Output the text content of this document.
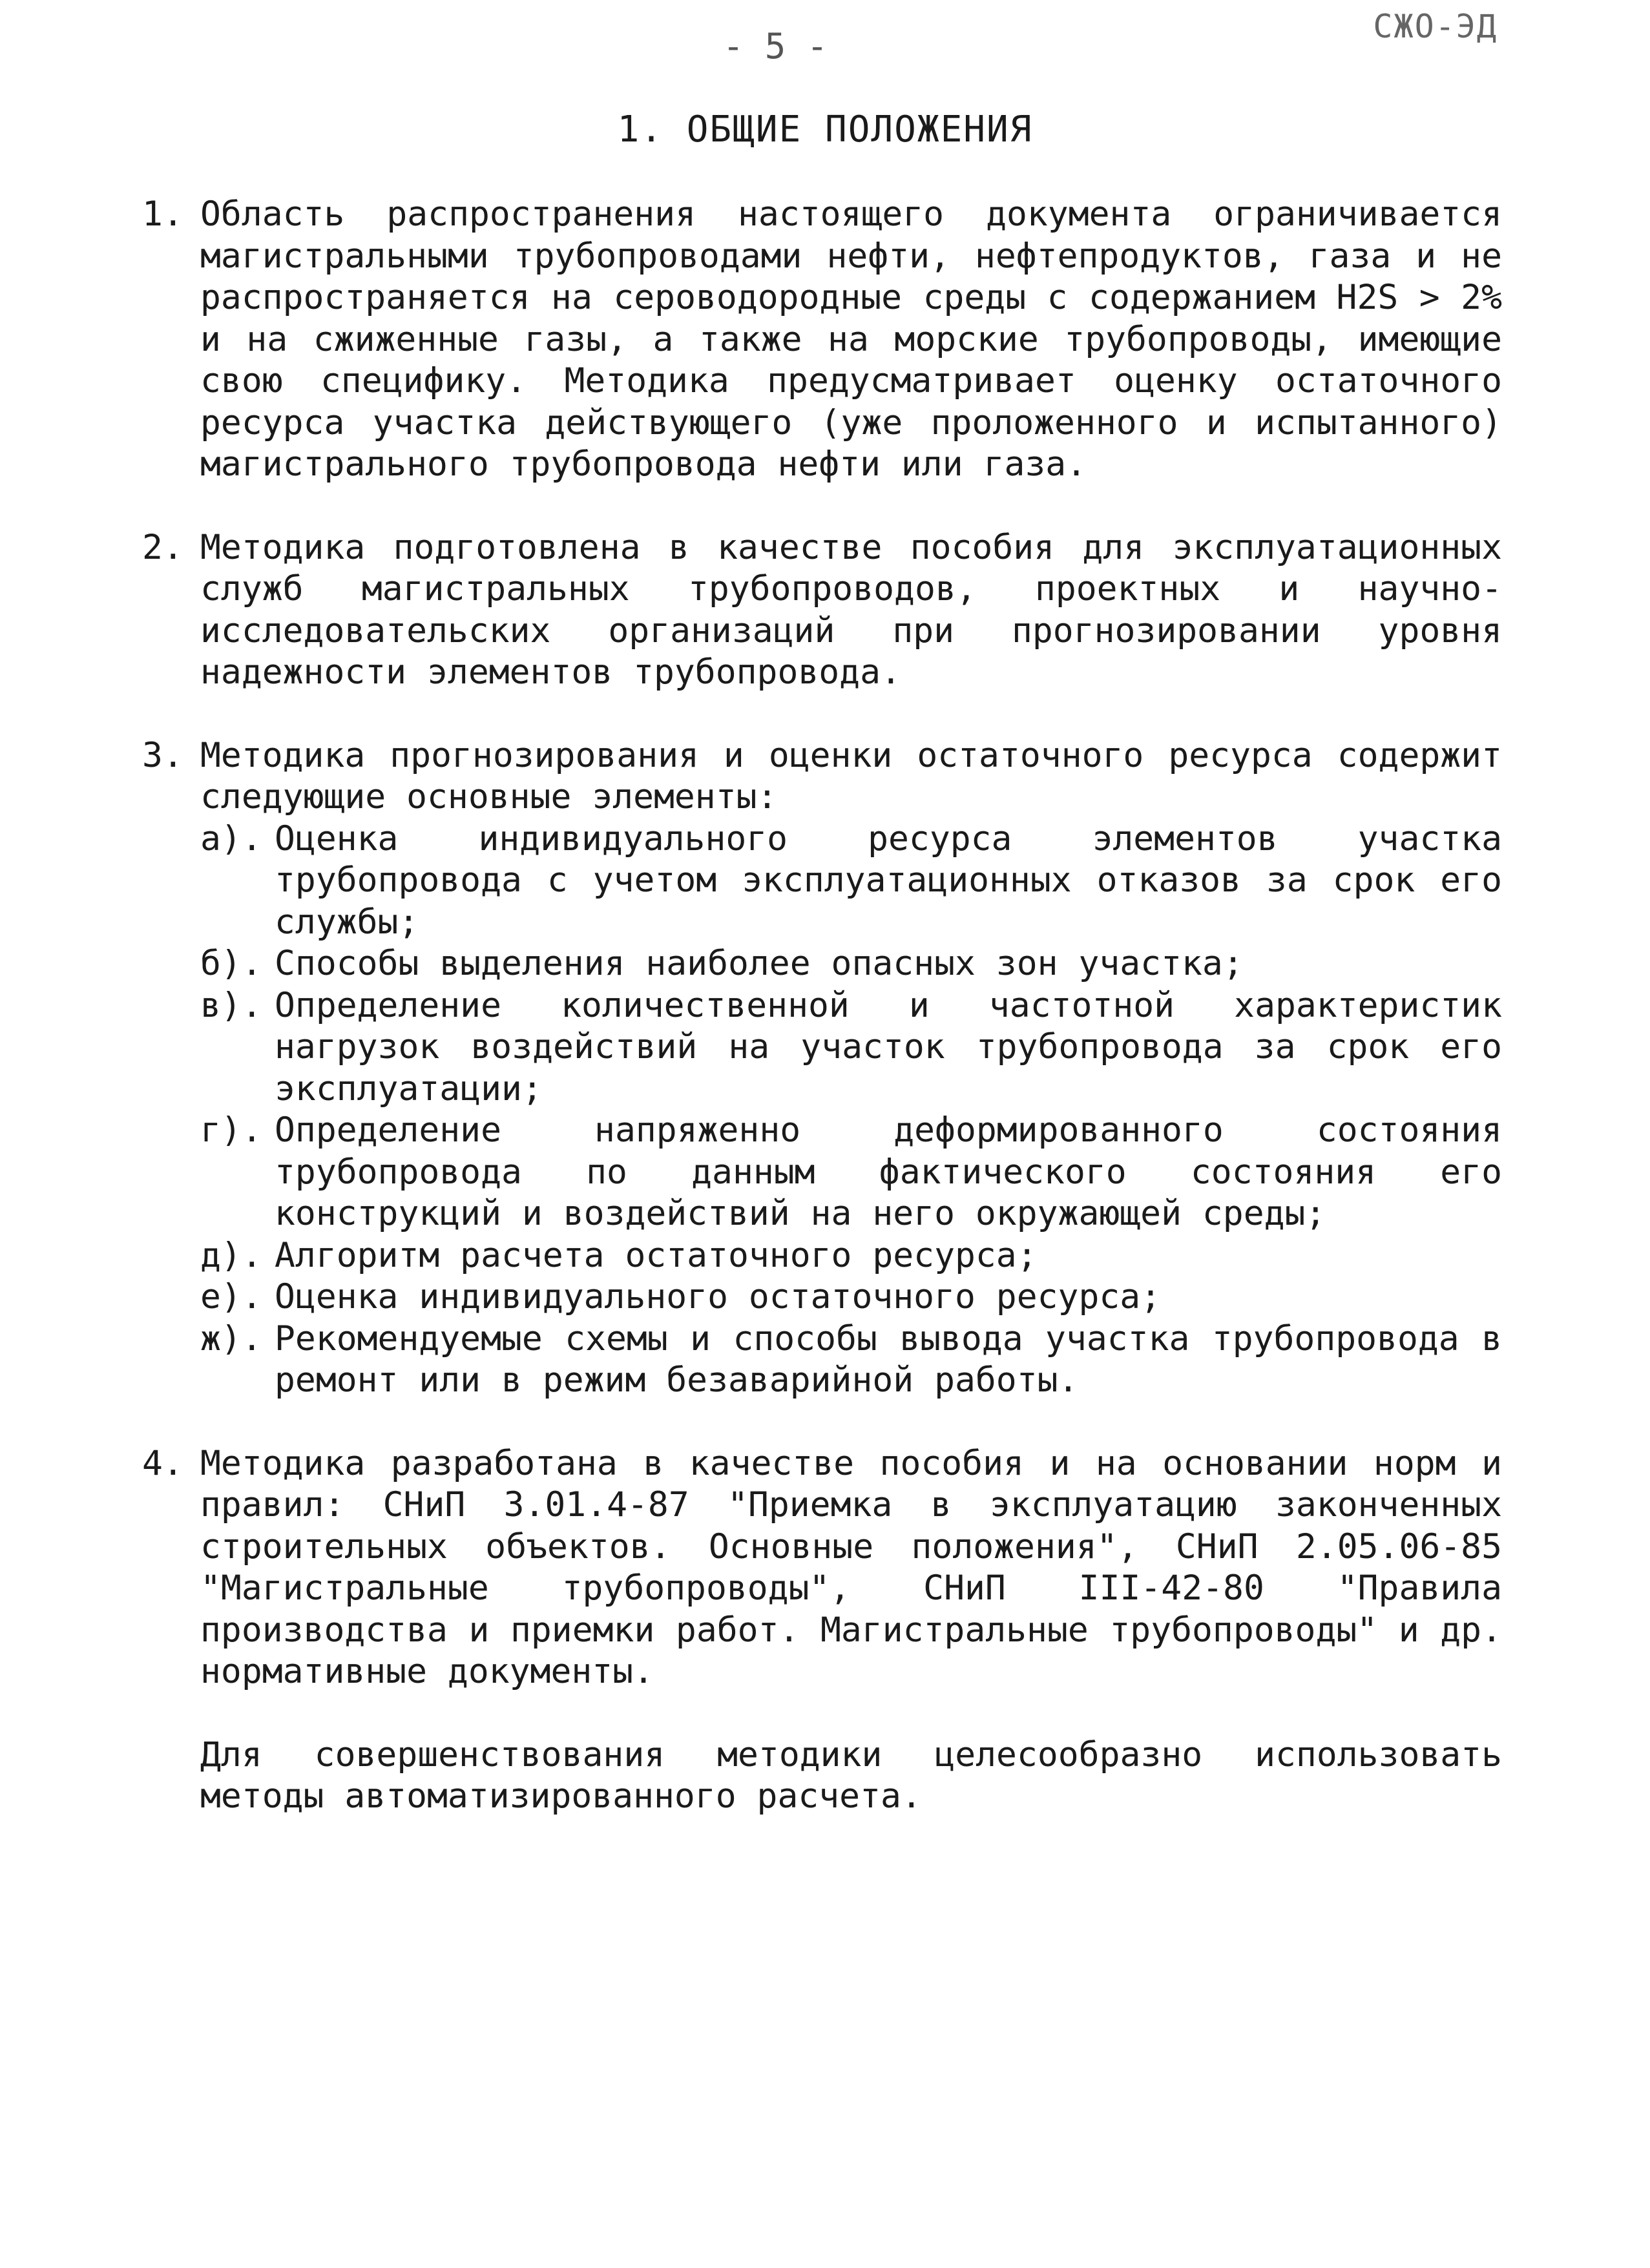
- 5 -	СЖО-ЭД
1. ОБЩИЕ ПОЛОЖЕНИЯ
1. Область распространения настоящего документа ограничивается магистральными трубопроводами нефти, нефтепродуктов, газа и не распространяется на сероводородные среды с содержанием H2S > 2% и на сжиженные газы, а также на морские трубопроводы, имеющие свою специфику. Методика предусматривает оценку остаточного ресурса участка действующего (уже проложенного и испытанного) магистрального трубопровода нефти или газа.

2. Методика подготовлена в качестве пособия для эксплуатационных служб магистральных трубопроводов, проектных и научно-исследовательских организаций при прогнозировании уровня надежности элементов трубопровода.

3. Методика прогнозирования и оценки остаточного ресурса содержит следующие основные элементы:

а). Оценка индивидуального ресурса элементов участка трубопровода с учетом эксплуатационных отказов за срок его службы;
б). Способы выделения наиболее опасных зон участка;
в). Определение количественной и частотной характеристик нагрузок воздействий на участок трубопровода за срок его эксплуатации;
г). Определение напряженно деформированного состояния трубопровода по данным фактического состояния его конструкций и воздействий на него окружающей среды;
д). Алгоритм расчета остаточного ресурса;
е). Оценка индивидуального остаточного ресурса;
ж). Рекомендуемые схемы и способы вывода участка трубопровода в ремонт или в режим безаварийной работы.
4. Методика разработана в качестве пособия и на основании норм и правил: СНиП 3.01.4-87 "Приемка в эксплуатацию законченных строительных объектов. Основные положения", СНиП 2.05.06-85 "Магистральные трубопроводы", СНиП III-42-80 "Правила производства и приемки работ. Магистральные трубопроводы" и др. нормативные документы.

Для совершенствования методики целесообразно использовать методы автоматизированного расчета.
